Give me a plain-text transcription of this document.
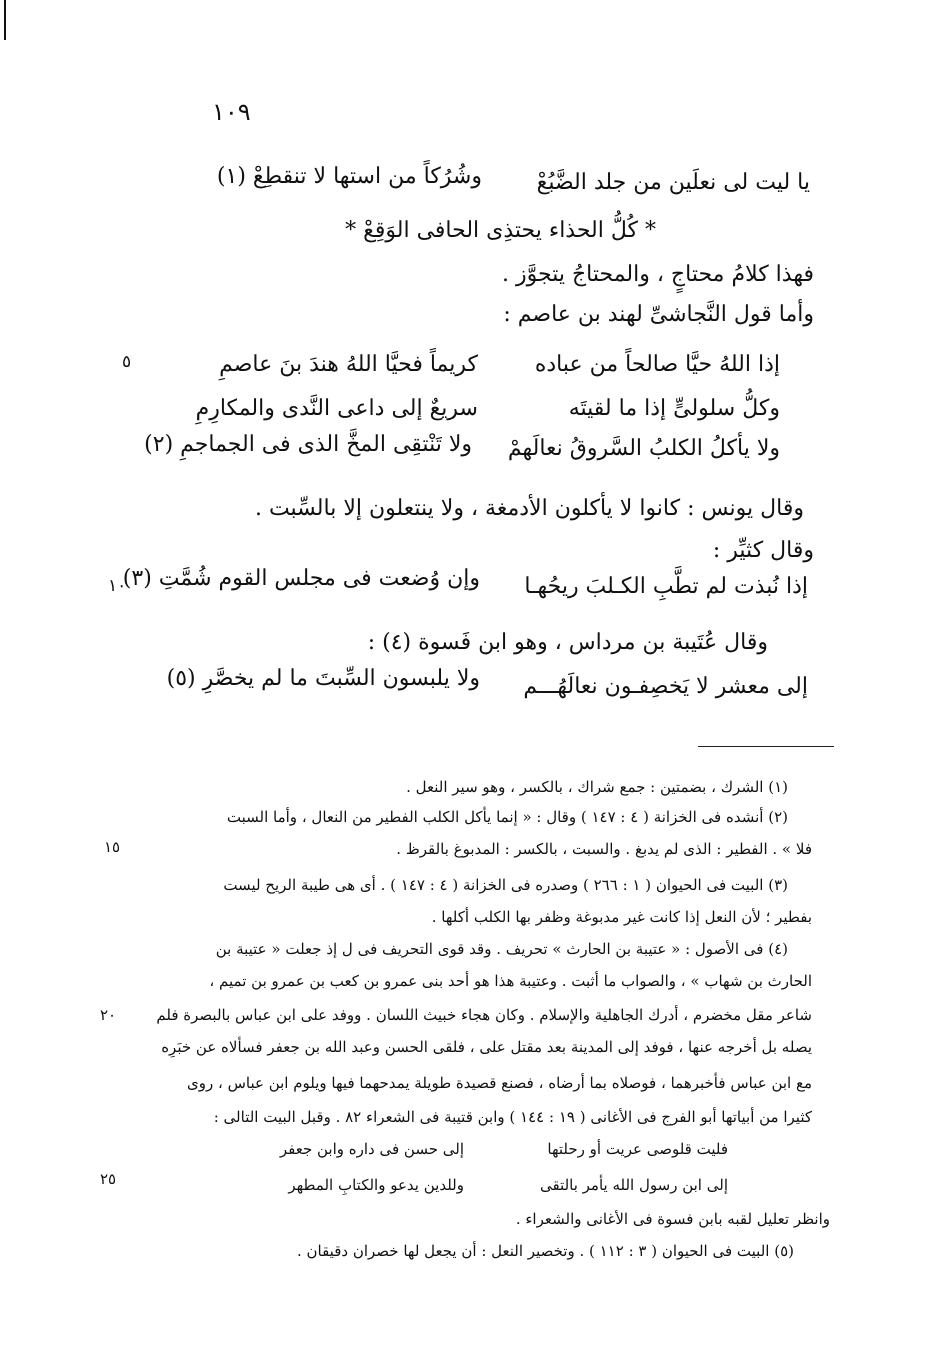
١٠٩
يا ليت لى نعلَين من جلد الضَّبُعْ
وشُرُكاً من استها لا تنقطِعْ (١)
* كُلُّ الحذاء يحتذِى الحافى الوَقِعْ *
فهذا كلامُ محتاجٍ ، والمحتاجُ يتجوَّز .
وأما قول النَّجاشىِّ لهند بن عاصم :
٥	إذا اللهُ حيَّا صالحاً من عباده
كريماً فحيَّا اللهُ هندَ بنَ عاصمِ
وكلُّ سلولىٍّ إذا ما لقيتَه
سريعٌ إلى داعى النَّدى والمكارِمِ
ولا يأكلُ الكلبُ السَّروقُ نعالَهمْ
ولا تَنْتقِى المخَّ الذى فى الجماجمِ (٢)
وقال يونس : كانوا لا يأكلون الأدمغة ، ولا ينتعلون إلا بالسِّبت .
وقال كثيِّر :
١٠	إذا نُبذت لم تطَّبِ الكـلبَ ريحُهـا
وإن وُضعت فى مجلس القوم شُمَّتِ (٣)
وقال عُتَيبة بن مرداس ، وهو ابن فَسوة (٤) :
إلى معشر لا يَخصِفـون نعالَهُـــم
ولا يلبسون السِّبتَ ما لم يخصَّرِ (٥)
(١) الشرك ، بضمتين : جمع شراك ، بالكسر ، وهو سير النعل .
(٢) أنشده فى الخزانة ( ٤ : ١٤٧ ) وقال : « إنما يأكل الكلب الفطير من النعال ، وأما السبت
١٥	فلا » . الفطير : الذى لم يدبغ . والسبت ، بالكسر : المدبوغ بالقرظ .
(٣) البيت فى الحيوان ( ١ : ٢٦٦ ) وصدره فى الخزانة ( ٤ : ١٤٧ ) . أى هى طيبة الريح ليست
بفطير ؛ لأن النعل إذا كانت غير مدبوغة وظفر بها الكلب أكلها .
(٤) فى الأصول : « عتيبة بن الحارث » تحريف . وقد قوى التحريف فى ل إذ جعلت « عتيبة بن
الحارث بن شهاب » ، والصواب ما أثبت . وعتيبة هذا هو أحد بنى عمرو بن كعب بن عمرو بن تميم ،
٢٠	شاعر مقل مخضرم ، أدرك الجاهلية والإسلام . وكان هجاء خبيث اللسان . ووفد على ابن عباس بالبصرة فلم
يصله بل أخرجه عنها ، فوفد إلى المدينة بعد مقتل على ، فلقى الحسن وعبد الله بن جعفر فسألاه عن خبَرِه
مع ابن عباس فأخبرهما ، فوصلاه بما أرضاه ، فصنع قصيدة طويلة يمدحهما فيها ويلوم ابن عباس ، روى
كثيرا من أبياتها أبو الفرج فى الأغانى ( ١٩ : ١٤٤ ) وابن قتيبة فى الشعراء ٨٢ . وقبل البيت التالى :
فليت قلوصى عريت أو رحلتها
إلى حسن فى داره وابن جعفر
٢٥	إلى ابن رسول الله يأمر بالتقى
وللدين يدعو والكتابِ المطهر
وانظر تعليل لقبه بابن فسوة فى الأغانى والشعراء .
(٥) البيت فى الحيوان ( ٣ : ١١٢ ) . وتخصير النعل : أن يجعل لها خصران دقيقان .
